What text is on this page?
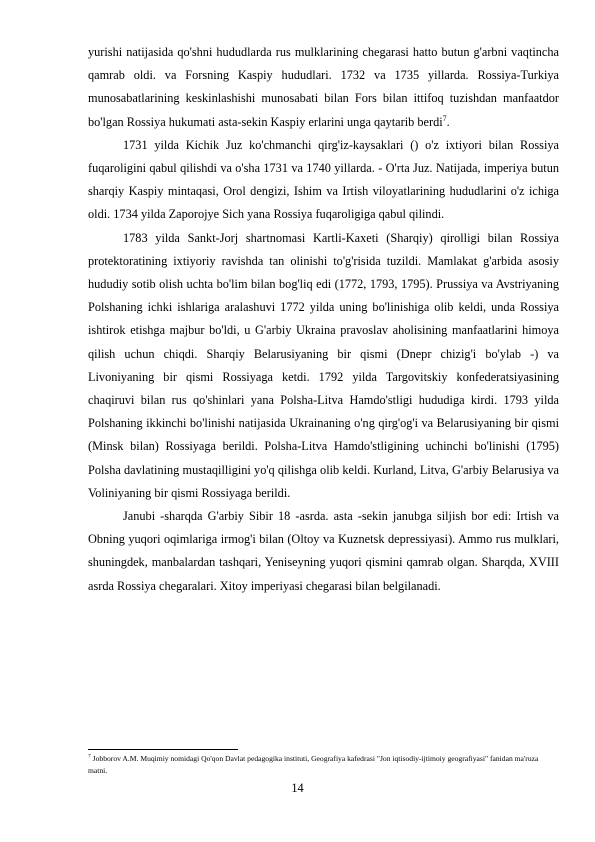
yurishi natijasida qo'shni hududlarda rus mulklarining chegarasi hatto butun g'arbni vaqtincha qamrab oldi. va Forsning Kaspiy hududlari. 1732 va 1735 yillarda. Rossiya-Turkiya munosabatlarining keskinlashishi munosabati bilan Fors bilan ittifoq tuzishdan manfaatdor bo'lgan Rossiya hukumati asta-sekin Kaspiy erlarini unga qaytarib berdi$^7$.

1731 yilda Kichik Juz ko'chmanchi qirg'iz-kaysaklari () o'z ixtiyori bilan Rossiya fuqaroligini qabul qilishdi va o'sha 1731 va 1740 yillarda. - O'rta Juz. Natijada, imperiya butun sharqiy Kaspiy mintaqasi, Orol dengizi, Ishim va Irtish viloyatlarining hududlarini o'z ichiga oldi. 1734 yilda Zaporojye Sich yana Rossiya fuqaroligiga qabul qilindi.

1783 yilda Sankt-Jorj shartnomasi Kartli-Kaxeti (Sharqiy) qirolligi bilan Rossiya protektoratining ixtiyoriy ravishda tan olinishi to'g'risida tuzildi. Mamlakat g'arbida asosiy hududiy sotib olish uchta bo'lim bilan bog'liq edi (1772, 1793, 1795). Prussiya va Avstriyaning Polshaning ichki ishlariga aralashuvi 1772 yilda uning bo'linishiga olib keldi, unda Rossiya ishtirok etishga majbur bo'ldi, u G'arbiy Ukraina pravoslav aholisining manfaatlarini himoya qilish uchun chiqdi. Sharqiy Belarusiyaning bir qismi (Dnepr chizig'i bo'ylab -) va Livoniyaning bir qismi Rossiyaga ketdi. 1792 yilda Targovitskiy konfederatsiyasining chaqiruvi bilan rus qo'shinlari yana Polsha-Litva Hamdo'stligi hududiga kirdi. 1793 yilda Polshaning ikkinchi bo'linishi natijasida Ukrainaning o'ng qirg'og'i va Belarusiyaning bir qismi (Minsk bilan) Rossiyaga berildi. Polsha-Litva Hamdo'stligining uchinchi bo'linishi (1795) Polsha davlatining mustaqilligini yo'q qilishga olib keldi. Kurland, Litva, G'arbiy Belarusiya va Voliniyaning bir qismi Rossiyaga berildi.

Janubi -sharqda G'arbiy Sibir 18 -asrda. asta -sekin janubga siljish bor edi: Irtish va Obning yuqori oqimlariga irmog'i bilan (Oltoy va Kuznetsk depressiyasi). Ammo rus mulklari, shuningdek, manbalardan tashqari, Yeniseyning yuqori qismini qamrab olgan. Sharqda, XVIII asrda Rossiya chegaralari. Xitoy imperiyasi chegarasi bilan belgilanadi.

$^7$ Jobborov A.M. Muqimiy nomidagi Qo'qon Davlat pedagogika instituti, Geografiya kafedrasi "Jon iqtisodiy-ijtimoiy geografiyasi" fanidan ma'ruza matni.
14
